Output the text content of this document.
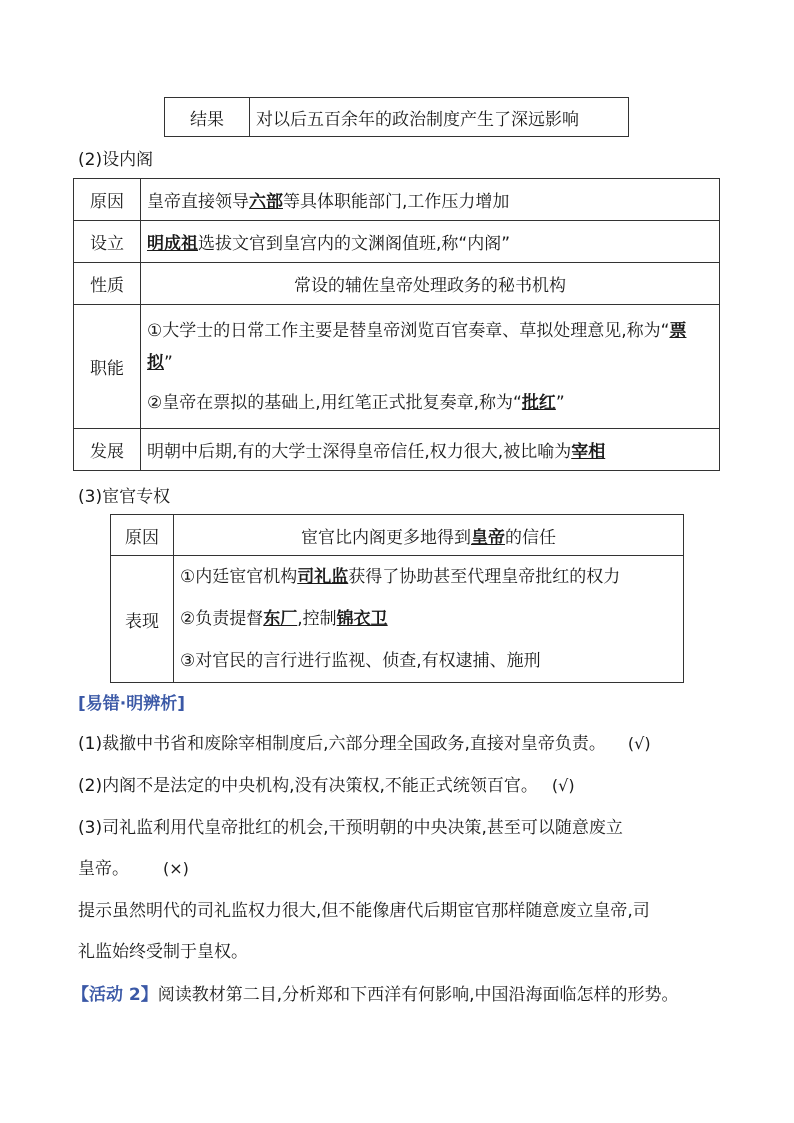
结果	对以后五百余年的政治制度产生了深远影响
(2)设内阁
原因	皇帝直接领导六部等具体职能部门,工作压力增加
设立	明成祖选拔文官到皇宫内的文渊阁值班,称“内阁”
性质	常设的辅佐皇帝处理政务的秘书机构
职能	①大学士的日常工作主要是替皇帝浏览百官奏章、草拟处理意见,称为“票
拟”
②皇帝在票拟的基础上,用红笔正式批复奏章,称为“批红”

发展	明朝中后期,有的大学士深得皇帝信任,权力很大,被比喻为宰相
(3)宦官专权
原因	宦官比内阁更多地得到皇帝的信任
表现	①内廷宦官机构司礼监获得了协助甚至代理皇帝批红的权力
②负责提督东厂,控制锦衣卫
③对官民的言行进行监视、侦查,有权逮捕、施刑
[易错·明辨析]
(1)裁撤中书省和废除宰相制度后,六部分理全国政务,直接对皇帝负责。 (√)
(2)内阁不是法定的中央机构,没有决策权,不能正式统领百官。 (√)
(3)司礼监利用代皇帝批红的机会,干预明朝的中央决策,甚至可以随意废立
皇帝。 (×)
提示虽然明代的司礼监权力很大,但不能像唐代后期宦官那样随意废立皇帝,司
礼监始终受制于皇权。
【活动 2】阅读教材第二目,分析郑和下西洋有何影响,中国沿海面临怎样的形势。
